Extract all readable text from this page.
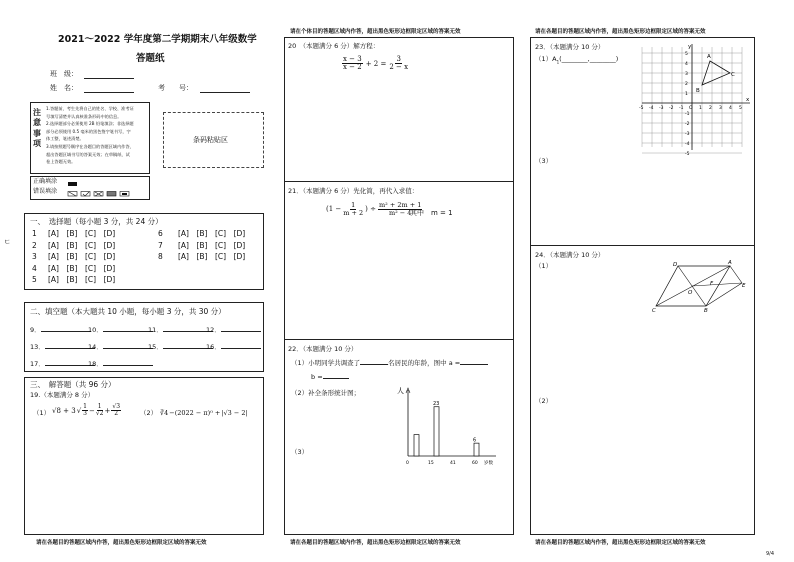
ㄷ
2021～2022 学年度第二学期期末八年级数学
答题纸
班　级：
姓　名：	考　　号：
注意事项
1.答题前，考生先将自己的姓名、学校、准考证
号填写清楚并认真核准条形码中的信息。
2.选择题部分必须使用 2B 铅笔填涂；非选择题
部分必须使用 0.5 毫米的黑色签字笔书写，字
体工整，笔迹清楚。
3.请按照题号顺序在各题目的答题区域内作答，
超出答题区域书写的答案无效；在草稿纸、试
卷上答题无效。
条码粘贴区
正确填涂
错误填涂
一、　选择题（每小题 3 分，共 24 分）
1	[A]　[B]　[C]　[D]	6	[A]　[B]　[C]　[D]
2	[A]　[B]　[C]　[D]	7	[A]　[B]　[C]　[D]
3	[A]　[B]　[C]　[D]	8	[A]　[B]　[C]　[D]
4	[A]　[B]　[C]　[D]
5	[A]　[B]　[C]　[D]
二、填空题（本大题共 10 小题，每小题 3 分，共 30 分）
9．	10．	11．	12．
13．	14．	15．	16．
17．	18．
三、　解答题（共 96 分）
19.（本题满分 8 分）
（1） √8 + 3 √ $\frac{1}{3} - \frac{1}{√2} + \frac{√3}{2}$	（2） ∛4 −(2022 − π)⁰ + |√3 − 2|
请在各题目的答题区域内作答，超出黑色矩形边框限定区域的答案无效
请在个体目的答题区域内作答，超出黑色矩形边框限定区域的答案无效
20　（本题满分 6 分）解方程：
$\frac{x - 3}{x - 2} + 2 = \frac{3}{2 - x}$
21．（本题满分 6 分）先化简，再代入求值：
($1 - \frac{1}{m + 2}$ ) ÷ $\frac{\text{m² + 2m + 1}}{\text{m² − 4}}$
其中　m = 1
22．（本题满分 10 分）
（1）小明同学共调查了	名居民的年龄，图中 a =
b =
（2）补全条形统计图；
（3）
人
23
6
0	15	41	60 岁数
请在各题目的答题区域内作答，超出黑色矩形边框限定区域的答案无效
请在各题目的答题区域内作答，超出黑色矩形边框限定区域的答案无效
23．（本题满分 10 分）
$(1)A_1(\_\_\_\_\_\_\_\_,\_\_\_\_\_\_\_\_)$
（3）
-5 -4 -3 -2 -1 O 1 2 3 4 5
5
4
3
2
1
-1
-2
-3
-4
-5
x
y
A
B
C
24．（本题满分 10 分）
（1）
（2）
D	A
O
F	E
C	B
请在各题目的答题区域内作答，超出黑色矩形边框限定区域的答案无效
9/4
